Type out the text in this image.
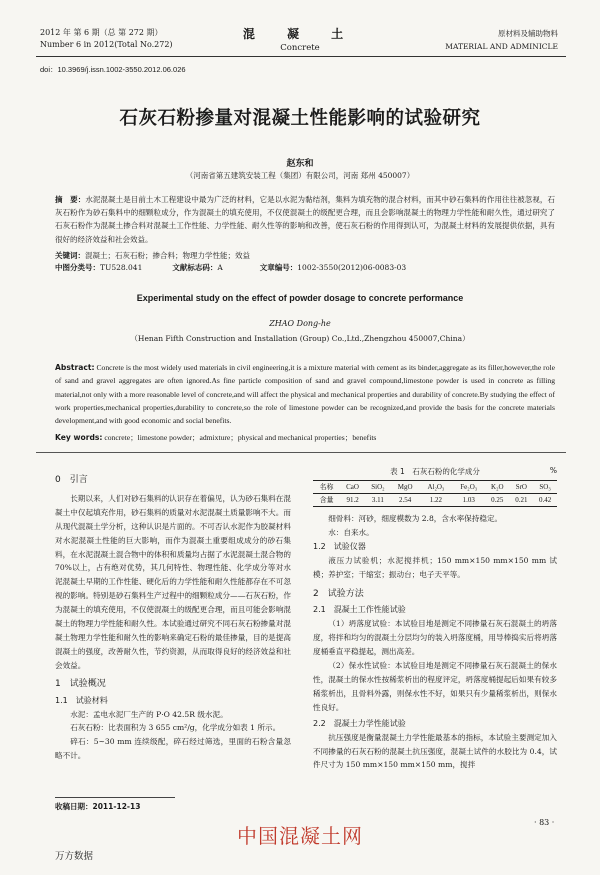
2012 年 第 6 期（总 第 272 期）
Number 6 in 2012(Total No.272)
混 凝 土
Concrete
原材料及辅助物料
MATERIAL AND ADMINICLE
doi：10.3969/j.issn.1002-3550.2012.06.026
石灰石粉掺量对混凝土性能影响的试验研究
赵东和
（河南省第五建筑安装工程（集团）有限公司，河南 郑州 450007）
摘　要：水泥混凝土是目前土木工程建设中最为广泛的材料，它是以水泥为黏结剂，集料为填充物的混合材料，而其中砂石集料的作用往往被忽视，石灰石粉作为砂石集料中的细颗粒成分，作为混凝土的填充使用，不仅使混凝土的级配更合理，而且会影响混凝土的物理力学性能和耐久性，通过研究了石灰石粉作为混凝土掺合料对混凝土工作性能、力学性能、耐久性等的影响和改善，使石灰石粉的作用得到认可，为混凝土材料的发展提供依据，具有很好的经济效益和社会效益。
关键词：混凝土；石灰石粉；掺合料；物理力学性能；效益
中图分类号：TU528.041	文献标志码：A	文章编号：1002-3550(2012)06-0083-03
Experimental study on the effect of powder dosage to concrete performance
ZHAO Dong-he
（Henan Fifth Construction and Installation (Group) Co.,Ltd.,Zhengzhou 450007,China）
Abstract: Concrete is the most widely used materials in civil engineering,it is a mixture material with cement as its binder,aggregate as its filler,however,the role of sand and gravel aggregates are often ignored.As fine particle composition of sand and gravel compound,limestone powder is used in concrete as filling material,not only with a more reasonable level of concrete,and will affect the physical and mechanical properties and durability of concrete.By studying the effect of work properties,mechanical properties,durability to concrete,so the role of limestone powder can be recognized,and provide the basis for the concrete materials development,and with good economic and social benefits.
Key words: concrete；limestone powder；admixture；physical and mechanical properties；benefits
0　引言
长期以来，人们对砂石集料的认识存在着偏见，认为砂石集料在混凝土中仅起填充作用，砂石集料的质量对水泥混凝土质量影响不大。而从现代混凝土学分析，这种认识是片面的。不可否认水泥作为胶凝材料对水泥混凝土性能的巨大影响，而作为混凝土重要组成成分的砂石集料，在水泥混凝土混合物中的体积和质量均占据了水泥混凝土混合物的70%以上，占有绝对优势，其几何特性、物理性能、化学成分等对水泥混凝土早期的工作性能、硬化后的力学性能和耐久性能都存在不可忽视的影响。特别是砂石集料生产过程中的细颗粒成分——石灰石粉，作为混凝土的填充使用，不仅使混凝土的级配更合理，而且可能会影响混凝土的物理力学性能和耐久性。本试验通过研究不同石灰石粉掺量对混凝土物理力学性能和耐久性的影响来确定石粉的最佳掺量，目的是提高混凝土的强度，改善耐久性，节约资源，从而取得良好的经济效益和社会效益。
1　试验概况
1.1　试验材料
水泥：孟电水泥厂生产的 P·O 42.5R 级水泥。
石灰石粉：比表面积为 3 655 cm²/g，化学成分如表 1 所示。
碎石：5~30 mm 连续级配，碎石经过筛选，里面的石粉含量忽略不计。
收稿日期：2011-12-13
表 1　石灰石粉的化学成分	%
名称	CaO	SiO₂	MgO	Al₂O₃	Fe₂O₃	K₂O	SrO	SO₃
含量	91.2	3.11	2.54	1.22	1.03	0.25	0.21	0.42
细骨料：河砂，细度模数为 2.8，含水率保持稳定。
水：自来水。
1.2　试验仪器
液压力试验机；水泥搅拌机；150 mm×150 mm×150 mm 试模；养护室；干缩室；振动台；电子天平等。
2　试验方法
2.1　混凝土工作性能试验
（1）坍落度试验：本试验目地是测定不同掺量石灰石混凝土的坍落度，将拌和均匀的混凝土分层均匀的装入坍落度桶，用导棒捣实后将坍落度桶垂直平稳提起，测出高差。
（2）保水性试验：本试验目地是测定不同掺量石灰石混凝土的保水性，混凝土的保水性按稀浆析出的程度评定，坍落度桶提起后如果有较多稀浆析出，且骨料外露，则保水性不好，如果只有少量稀浆析出，则保水性良好。
2.2　混凝土力学性能试验
抗压强度是衡量混凝土力学性能最基本的指标，本试验主要测定加入不同掺量的石灰石粉的混凝土抗压强度，混凝土试件的水胶比为 0.4，试件尺寸为 150 mm×150 mm×150 mm，搅拌
· 83 ·
中国混凝土网
万方数据
